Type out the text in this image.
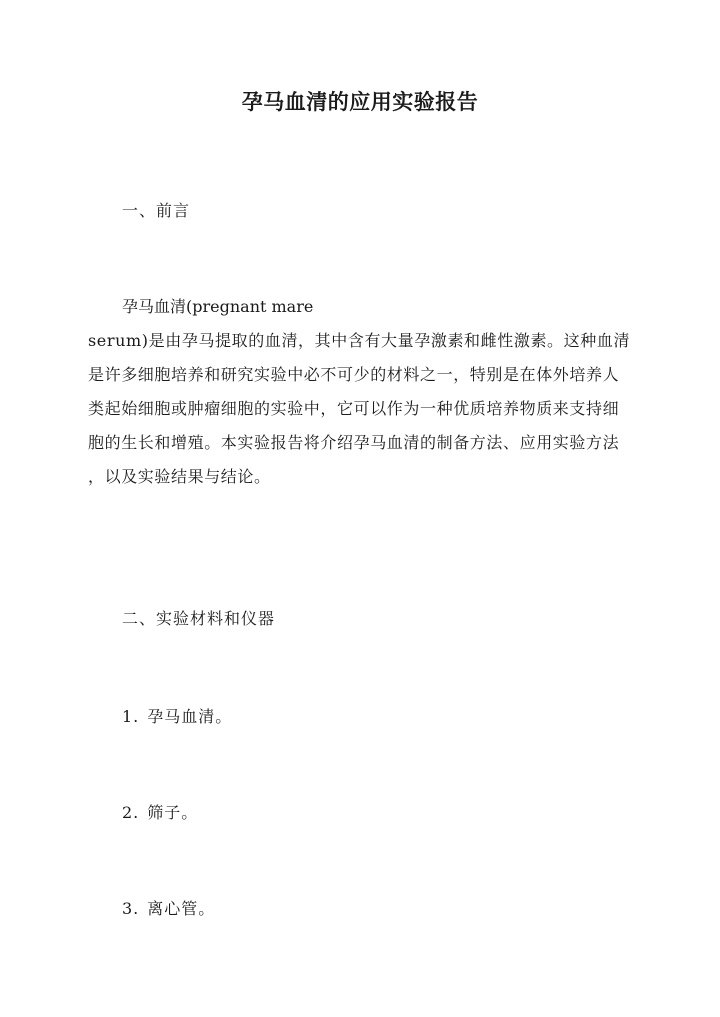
孕马血清的应用实验报告
一、前言
孕马血清(pregnant mare
serum)是由孕马提取的血清，其中含有大量孕激素和雌性激素。这种血清
是许多细胞培养和研究实验中必不可少的材料之一，特别是在体外培养人
类起始细胞或肿瘤细胞的实验中，它可以作为一种优质培养物质来支持细
胞的生长和增殖。本实验报告将介绍孕马血清的制备方法、应用实验方法
，以及实验结果与结论。
二、实验材料和仪器
1. 孕马血清。
2. 筛子。
3. 离心管。
